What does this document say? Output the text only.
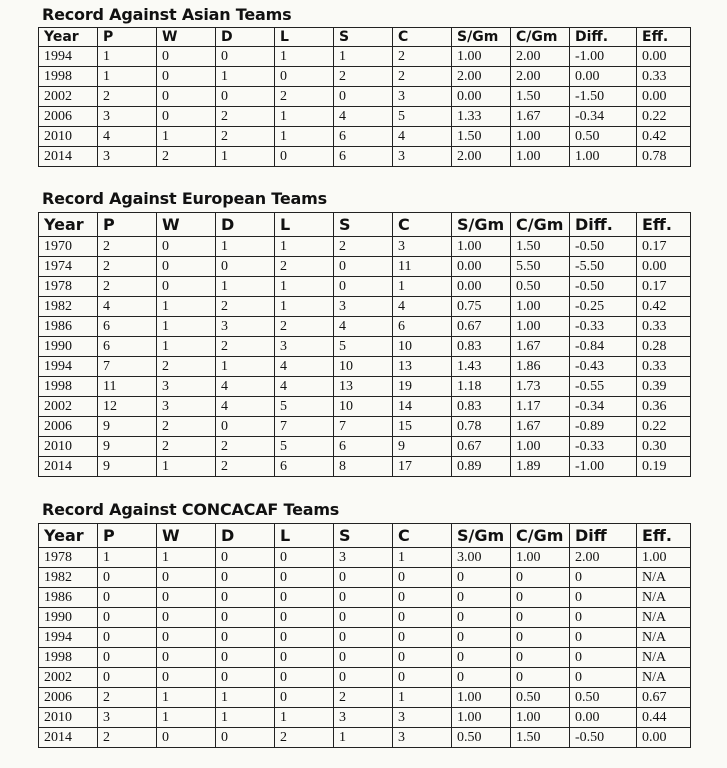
Record Against Asian Teams
Year	P	W	D	L	S	C	S/Gm	C/Gm	Diff.	Eff.
1994	1	0	0	1	1	2	1.00	2.00	-1.00	0.00
1998	1	0	1	0	2	2	2.00	2.00	0.00	0.33
2002	2	0	0	2	0	3	0.00	1.50	-1.50	0.00
2006	3	0	2	1	4	5	1.33	1.67	-0.34	0.22
2010	4	1	2	1	6	4	1.50	1.00	0.50	0.42
2014	3	2	1	0	6	3	2.00	1.00	1.00	0.78
Record Against European Teams
Year	P	W	D	L	S	C	S/Gm	C/Gm	Diff.	Eff.
1970	2	0	1	1	2	3	1.00	1.50	-0.50	0.17
1974	2	0	0	2	0	11	0.00	5.50	-5.50	0.00
1978	2	0	1	1	0	1	0.00	0.50	-0.50	0.17
1982	4	1	2	1	3	4	0.75	1.00	-0.25	0.42
1986	6	1	3	2	4	6	0.67	1.00	-0.33	0.33
1990	6	1	2	3	5	10	0.83	1.67	-0.84	0.28
1994	7	2	1	4	10	13	1.43	1.86	-0.43	0.33
1998	11	3	4	4	13	19	1.18	1.73	-0.55	0.39
2002	12	3	4	5	10	14	0.83	1.17	-0.34	0.36
2006	9	2	0	7	7	15	0.78	1.67	-0.89	0.22
2010	9	2	2	5	6	9	0.67	1.00	-0.33	0.30
2014	9	1	2	6	8	17	0.89	1.89	-1.00	0.19
Record Against CONCACAF Teams
Year	P	W	D	L	S	C	S/Gm	C/Gm	Diff	Eff.
1978	1	1	0	0	3	1	3.00	1.00	2.00	1.00
1982	0	0	0	0	0	0	0	0	0	N/A
1986	0	0	0	0	0	0	0	0	0	N/A
1990	0	0	0	0	0	0	0	0	0	N/A
1994	0	0	0	0	0	0	0	0	0	N/A
1998	0	0	0	0	0	0	0	0	0	N/A
2002	0	0	0	0	0	0	0	0	0	N/A
2006	2	1	1	0	2	1	1.00	0.50	0.50	0.67
2010	3	1	1	1	3	3	1.00	1.00	0.00	0.44
2014	2	0	0	2	1	3	0.50	1.50	-0.50	0.00
